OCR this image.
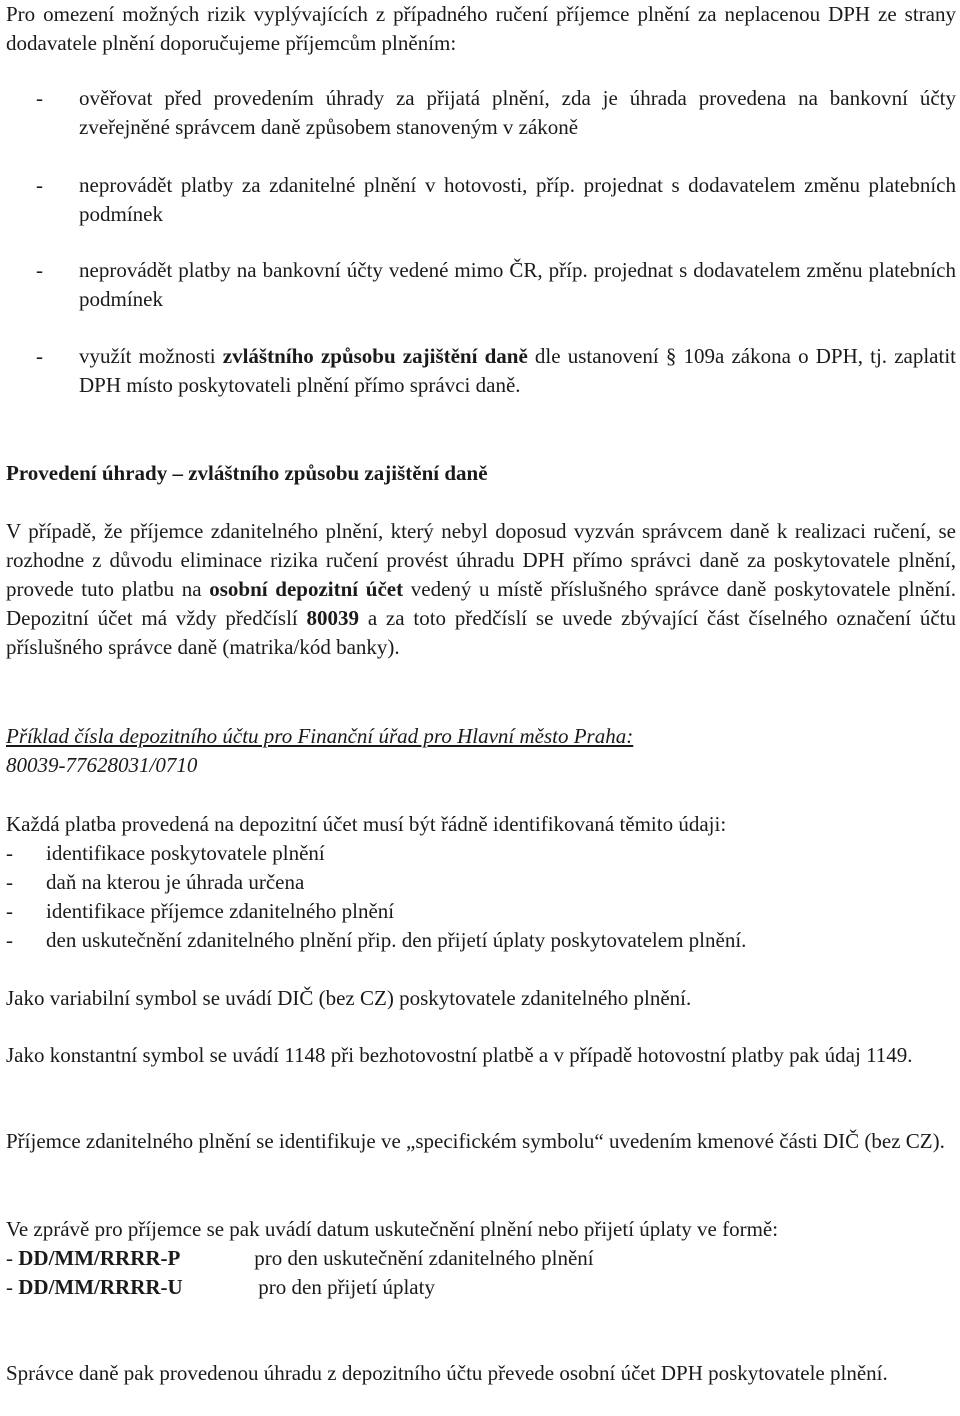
Pro omezení možných rizik vyplývajících z případného ručení příjemce plnění za neplacenou DPH ze strany dodavatele plnění doporučujeme příjemcům plněním:

- ověřovat před provedením úhrady za přijatá plnění, zda je úhrada provedena na bankovní účty zveřejněné správcem daně způsobem stanoveným v zákoně
- neprovádět platby za zdanitelné plnění v hotovosti, příp. projednat s dodavatelem změnu platebních podmínek
- neprovádět platby na bankovní účty vedené mimo ČR, příp. projednat s dodavatelem změnu platebních podmínek
- využít možnosti zvláštního způsobu zajištění daně dle ustanovení § 109a zákona o DPH, tj. zaplatit DPH místo poskytovateli plnění přímo správci daně.

Provedení úhrady – zvláštního způsobu zajištění daně

V případě, že příjemce zdanitelného plnění, který nebyl doposud vyzván správcem daně k realizaci ručení, se rozhodne z důvodu eliminace rizika ručení provést úhradu DPH přímo správci daně za poskytovatele plnění, provede tuto platbu na osobní depozitní účet vedený u místě příslušného správce daně poskytovatele plnění. Depozitní účet má vždy předčíslí 80039 a za toto předčíslí se uvede zbývající část číselného označení účtu příslušného správce daně (matrika/kód banky).

Příklad čísla depozitního účtu pro Finanční úřad pro Hlavní město Praha:

80039-77628031/0710

Každá platba provedená na depozitní účet musí být řádně identifikovaná těmito údaji:

- identifikace poskytovatele plnění
- daň na kterou je úhrada určena
- identifikace příjemce zdanitelného plnění
- den uskutečnění zdanitelného plnění přip. den přijetí úplaty poskytovatelem plnění.

Jako variabilní symbol se uvádí DIČ (bez CZ) poskytovatele zdanitelného plnění.

Jako konstantní symbol se uvádí 1148 při bezhotovostní platbě a v případě hotovostní platby pak údaj 1149.

Příjemce zdanitelného plnění se identifikuje ve „specifickém symbolu“ uvedením kmenové části DIČ (bez CZ).

Ve zprávě pro příjemce se pak uvádí datum uskutečnění plnění nebo přijetí úplaty ve formě:

- DD/MM/RRRR-P	pro den uskutečnění zdanitelného plnění
- DD/MM/RRRR-U	pro den přijetí úplaty

Správce daně pak provedenou úhradu z depozitního účtu převede osobní účet DPH poskytovatele plnění.
